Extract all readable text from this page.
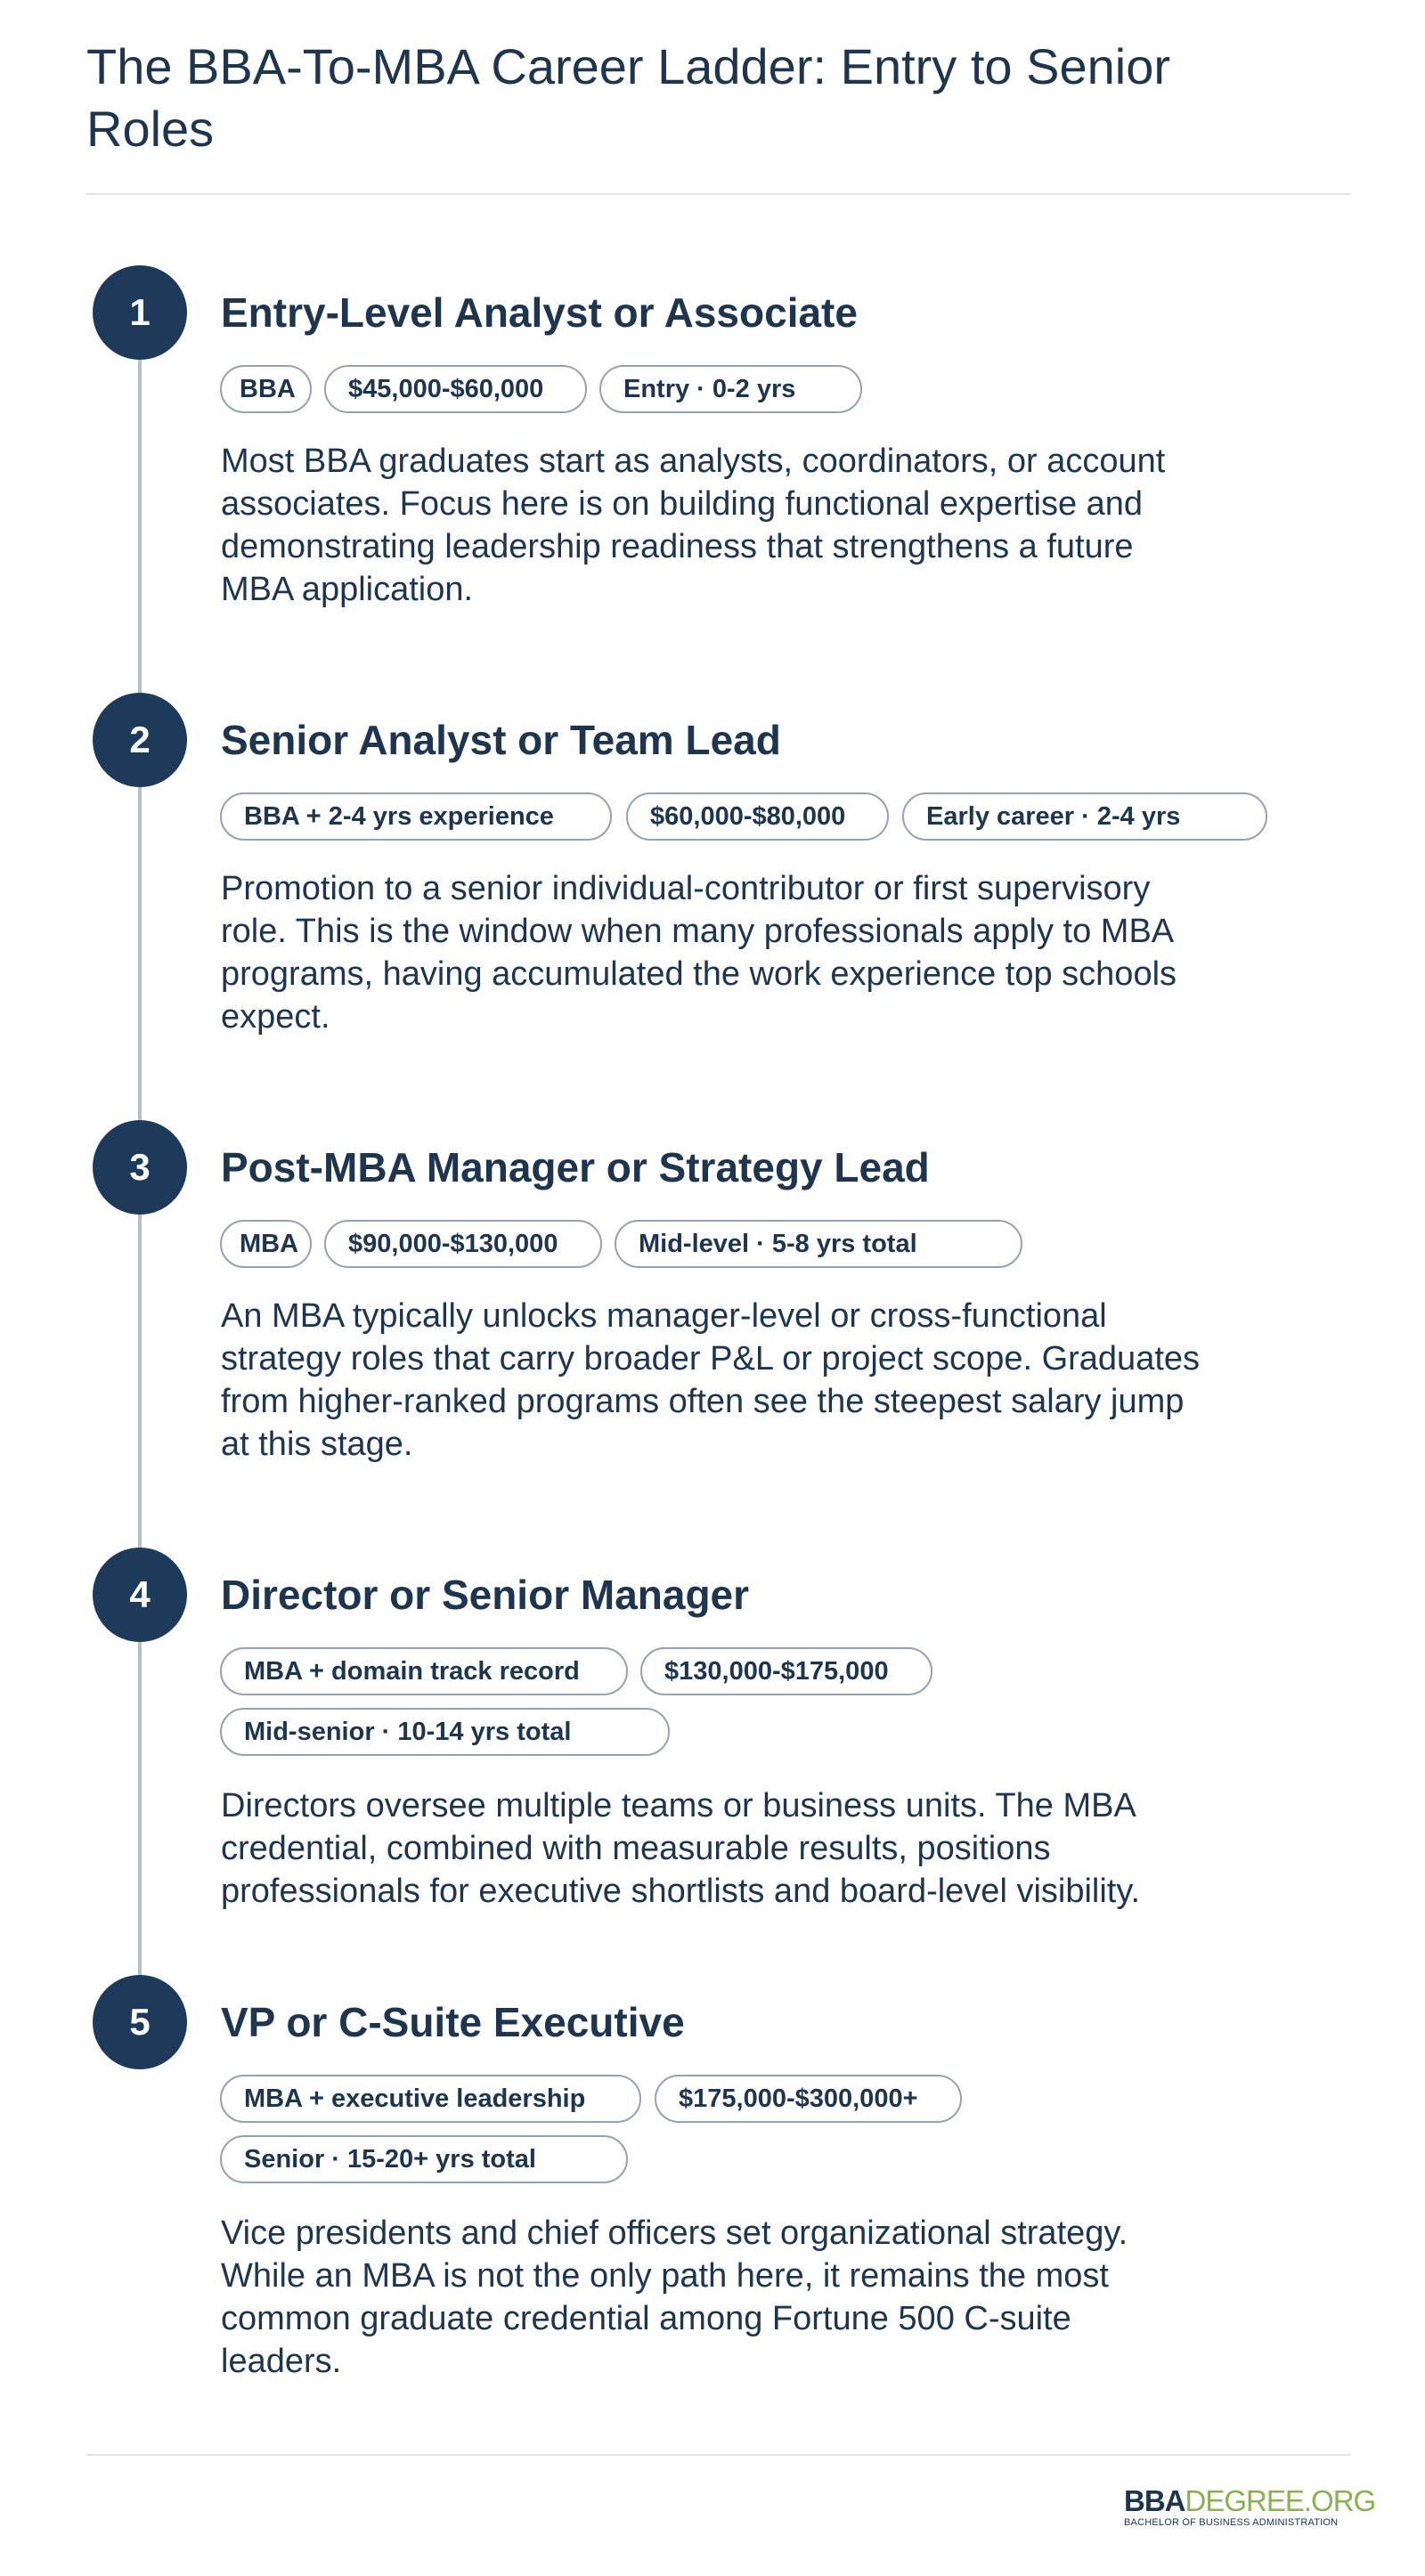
The BBA-To-MBA Career Ladder: Entry to Senior Roles
1	Entry-Level Analyst or Associate
BBA	$45,000-$60,000	Entry · 0-2 yrs

Most BBA graduates start as analysts, coordinators, or account associates. Focus here is on building functional expertise and demonstrating leadership readiness that strengthens a future MBA application.

2	Senior Analyst or Team Lead
BBA + 2-4 yrs experience	$60,000-$80,000	Early career · 2-4 yrs

Promotion to a senior individual-contributor or first supervisory role. This is the window when many professionals apply to MBA programs, having accumulated the work experience top schools expect.

3	Post-MBA Manager or Strategy Lead
MBA	$90,000-$130,000	Mid-level · 5-8 yrs total

An MBA typically unlocks manager-level or cross-functional strategy roles that carry broader P&L or project scope. Graduates from higher-ranked programs often see the steepest salary jump at this stage.

4	Director or Senior Manager
MBA + domain track record	$130,000-$175,000
Mid-senior · 10-14 yrs total

Directors oversee multiple teams or business units. The MBA credential, combined with measurable results, positions professionals for executive shortlists and board-level visibility.

5	VP or C-Suite Executive
MBA + executive leadership	$175,000-$300,000+
Senior · 15-20+ yrs total

Vice presidents and chief officers set organizational strategy. While an MBA is not the only path here, it remains the most common graduate credential among Fortune 500 C-suite leaders.

BBADEGREE.ORG
BACHELOR OF BUSINESS ADMINISTRATION
